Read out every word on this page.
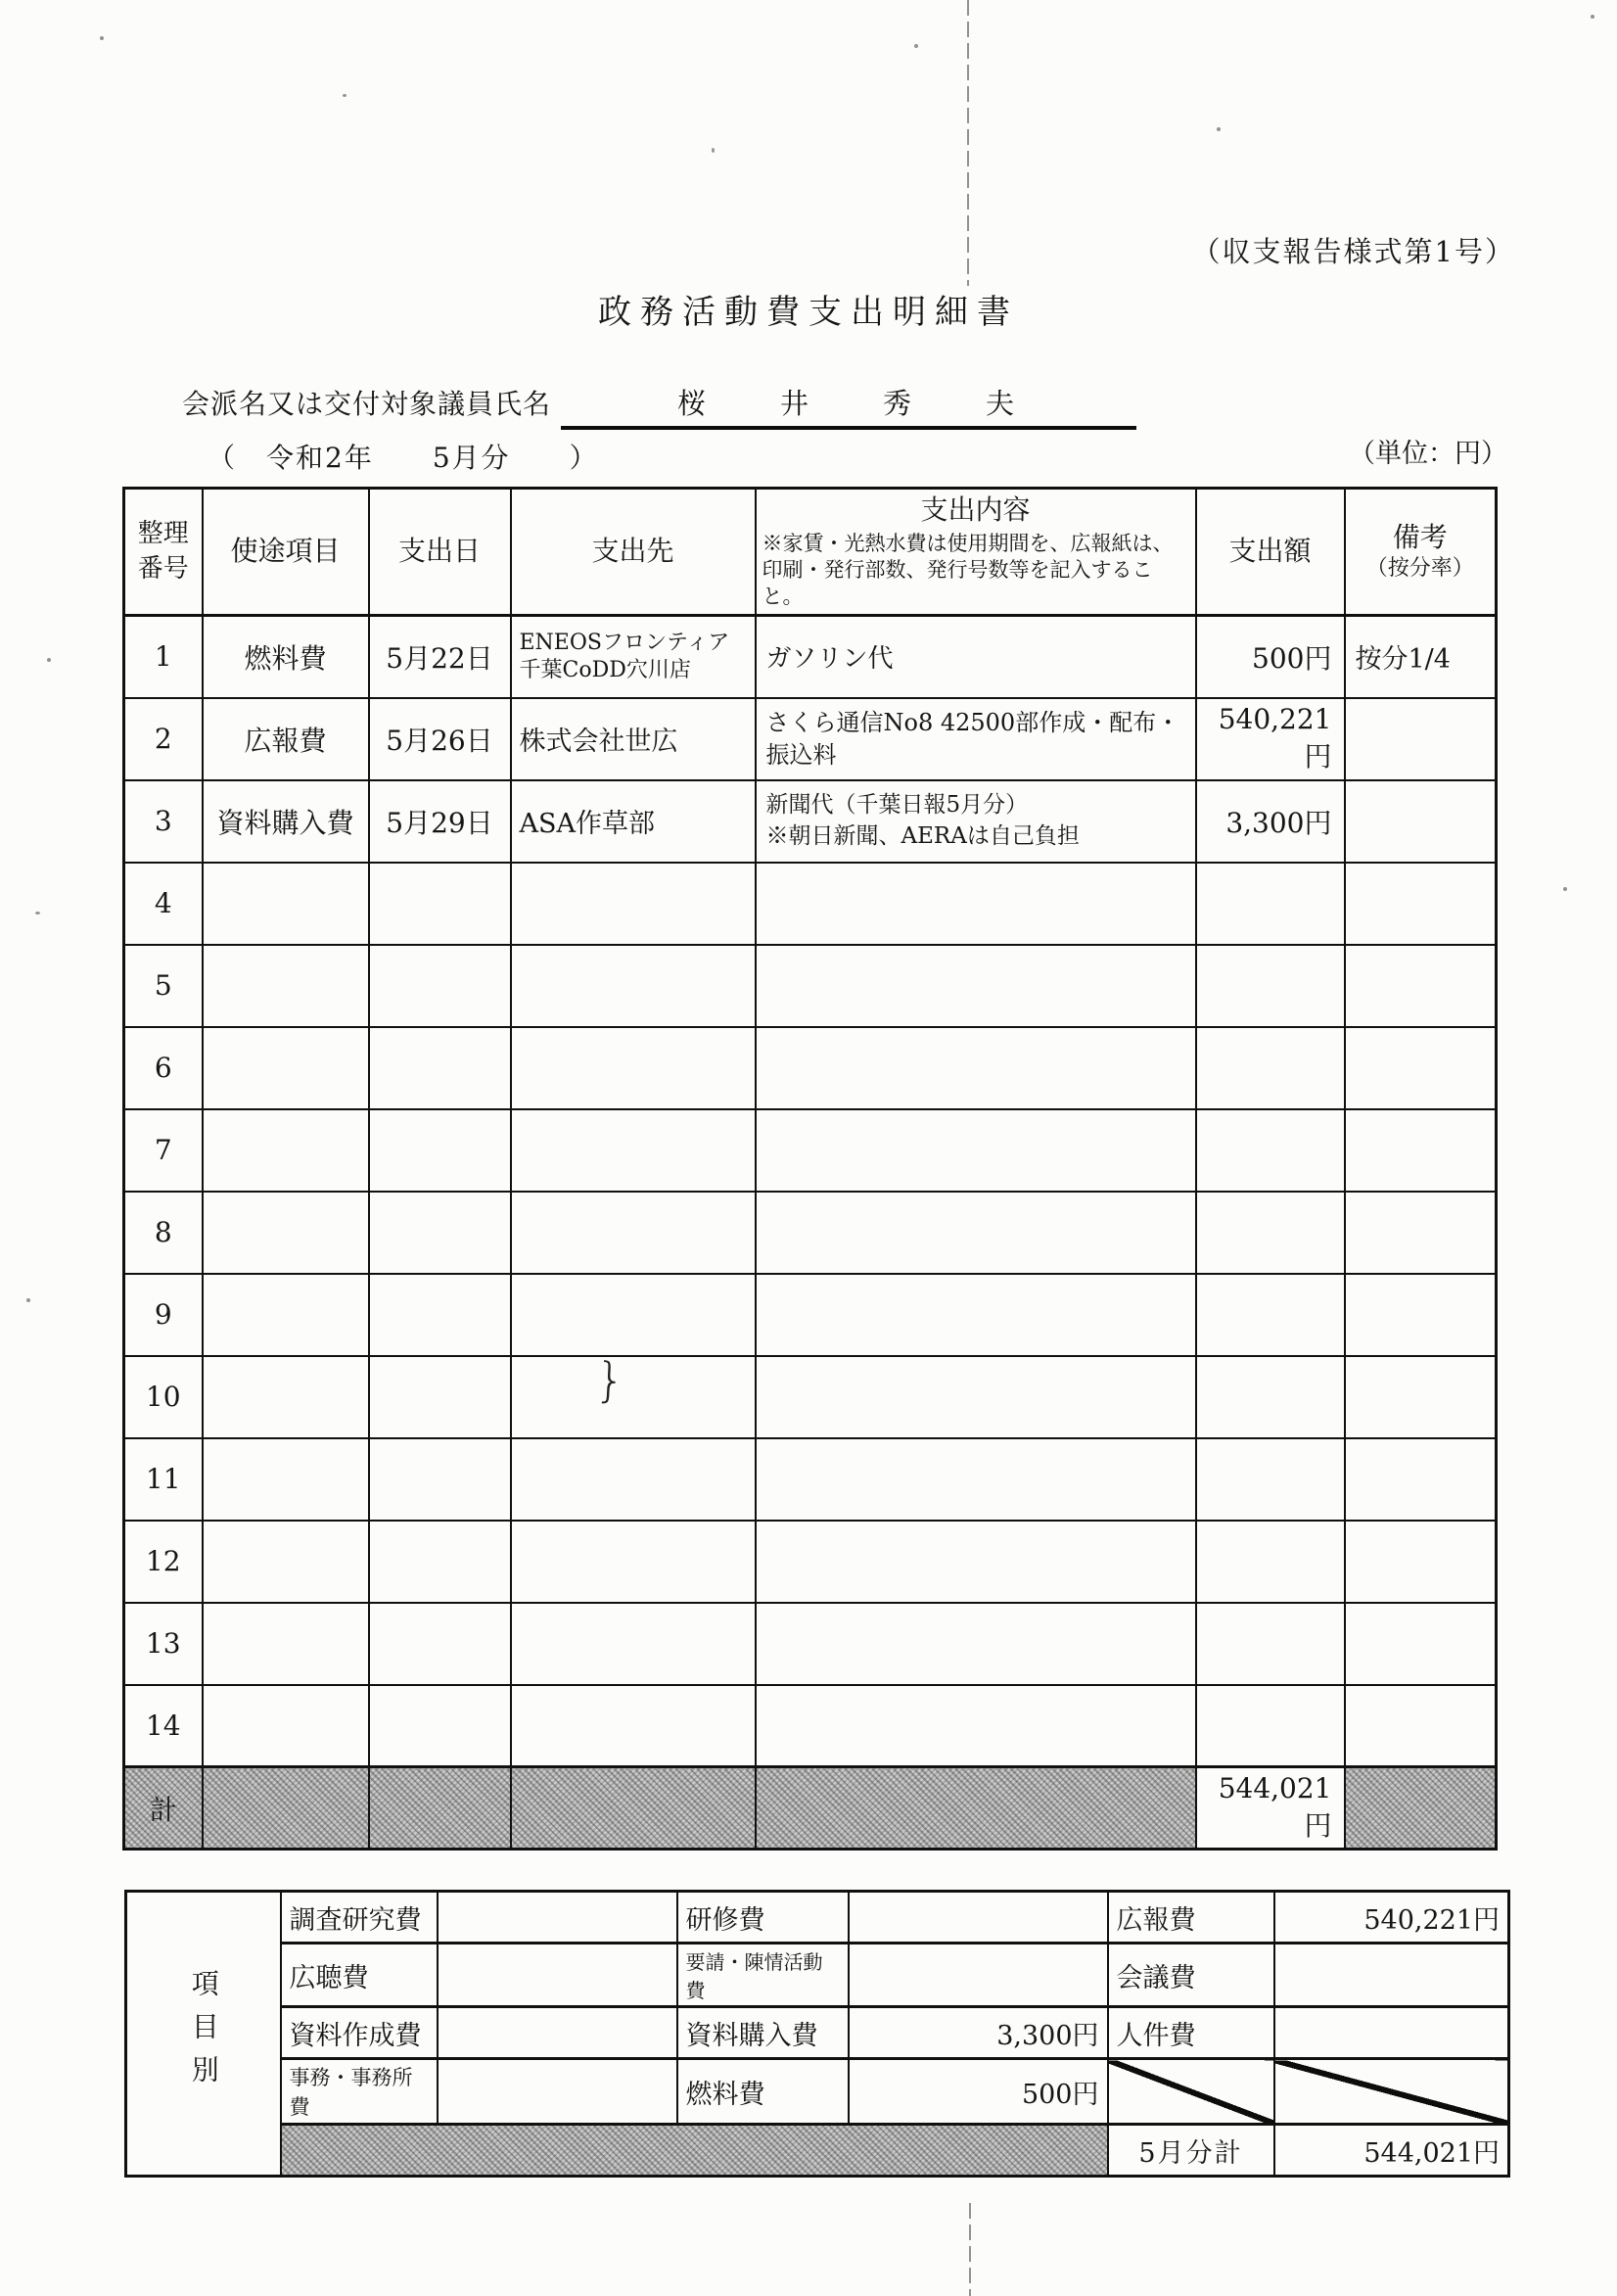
（収支報告様式第1号）
政務活動費支出明細書
会派名又は交付対象議員氏名	桜　　井　　秀　　夫
（　令和2年　　5月分　　）	（単位：円）
整理番号	使途項目	支出日	支出先	
支出内容
※家賃・光熱水費は使用期間を、広報紙は、印刷・発行部数、発行号数等を記入すること。
	支出額	備考
（按分率）

1	燃料費	5月22日	ENEOSフロンティア千葉CoDD穴川店	ガソリン代	500円	按分1/4
2	広報費	5月26日	株式会社世広	さくら通信No8 42500部作成・配布・振込料	540,221円	
3	資料購入費	5月29日	ASA作草部	新聞代（千葉日報5月分）
※朝日新聞、AERAは自己負担	3,300円	
4						
5						
6						
7						
8						
9						
10						
11						
12						
13						
14						
計					544,021円	
}
項目別	調査研究費		研修費		広報費	540,221円
	広聴費		要請・陳情活動費		会議費	
	資料作成費		資料購入費	3,300円	人件費	
	事務・事務所費		燃料費	500円		
					5月分計	544,021円
